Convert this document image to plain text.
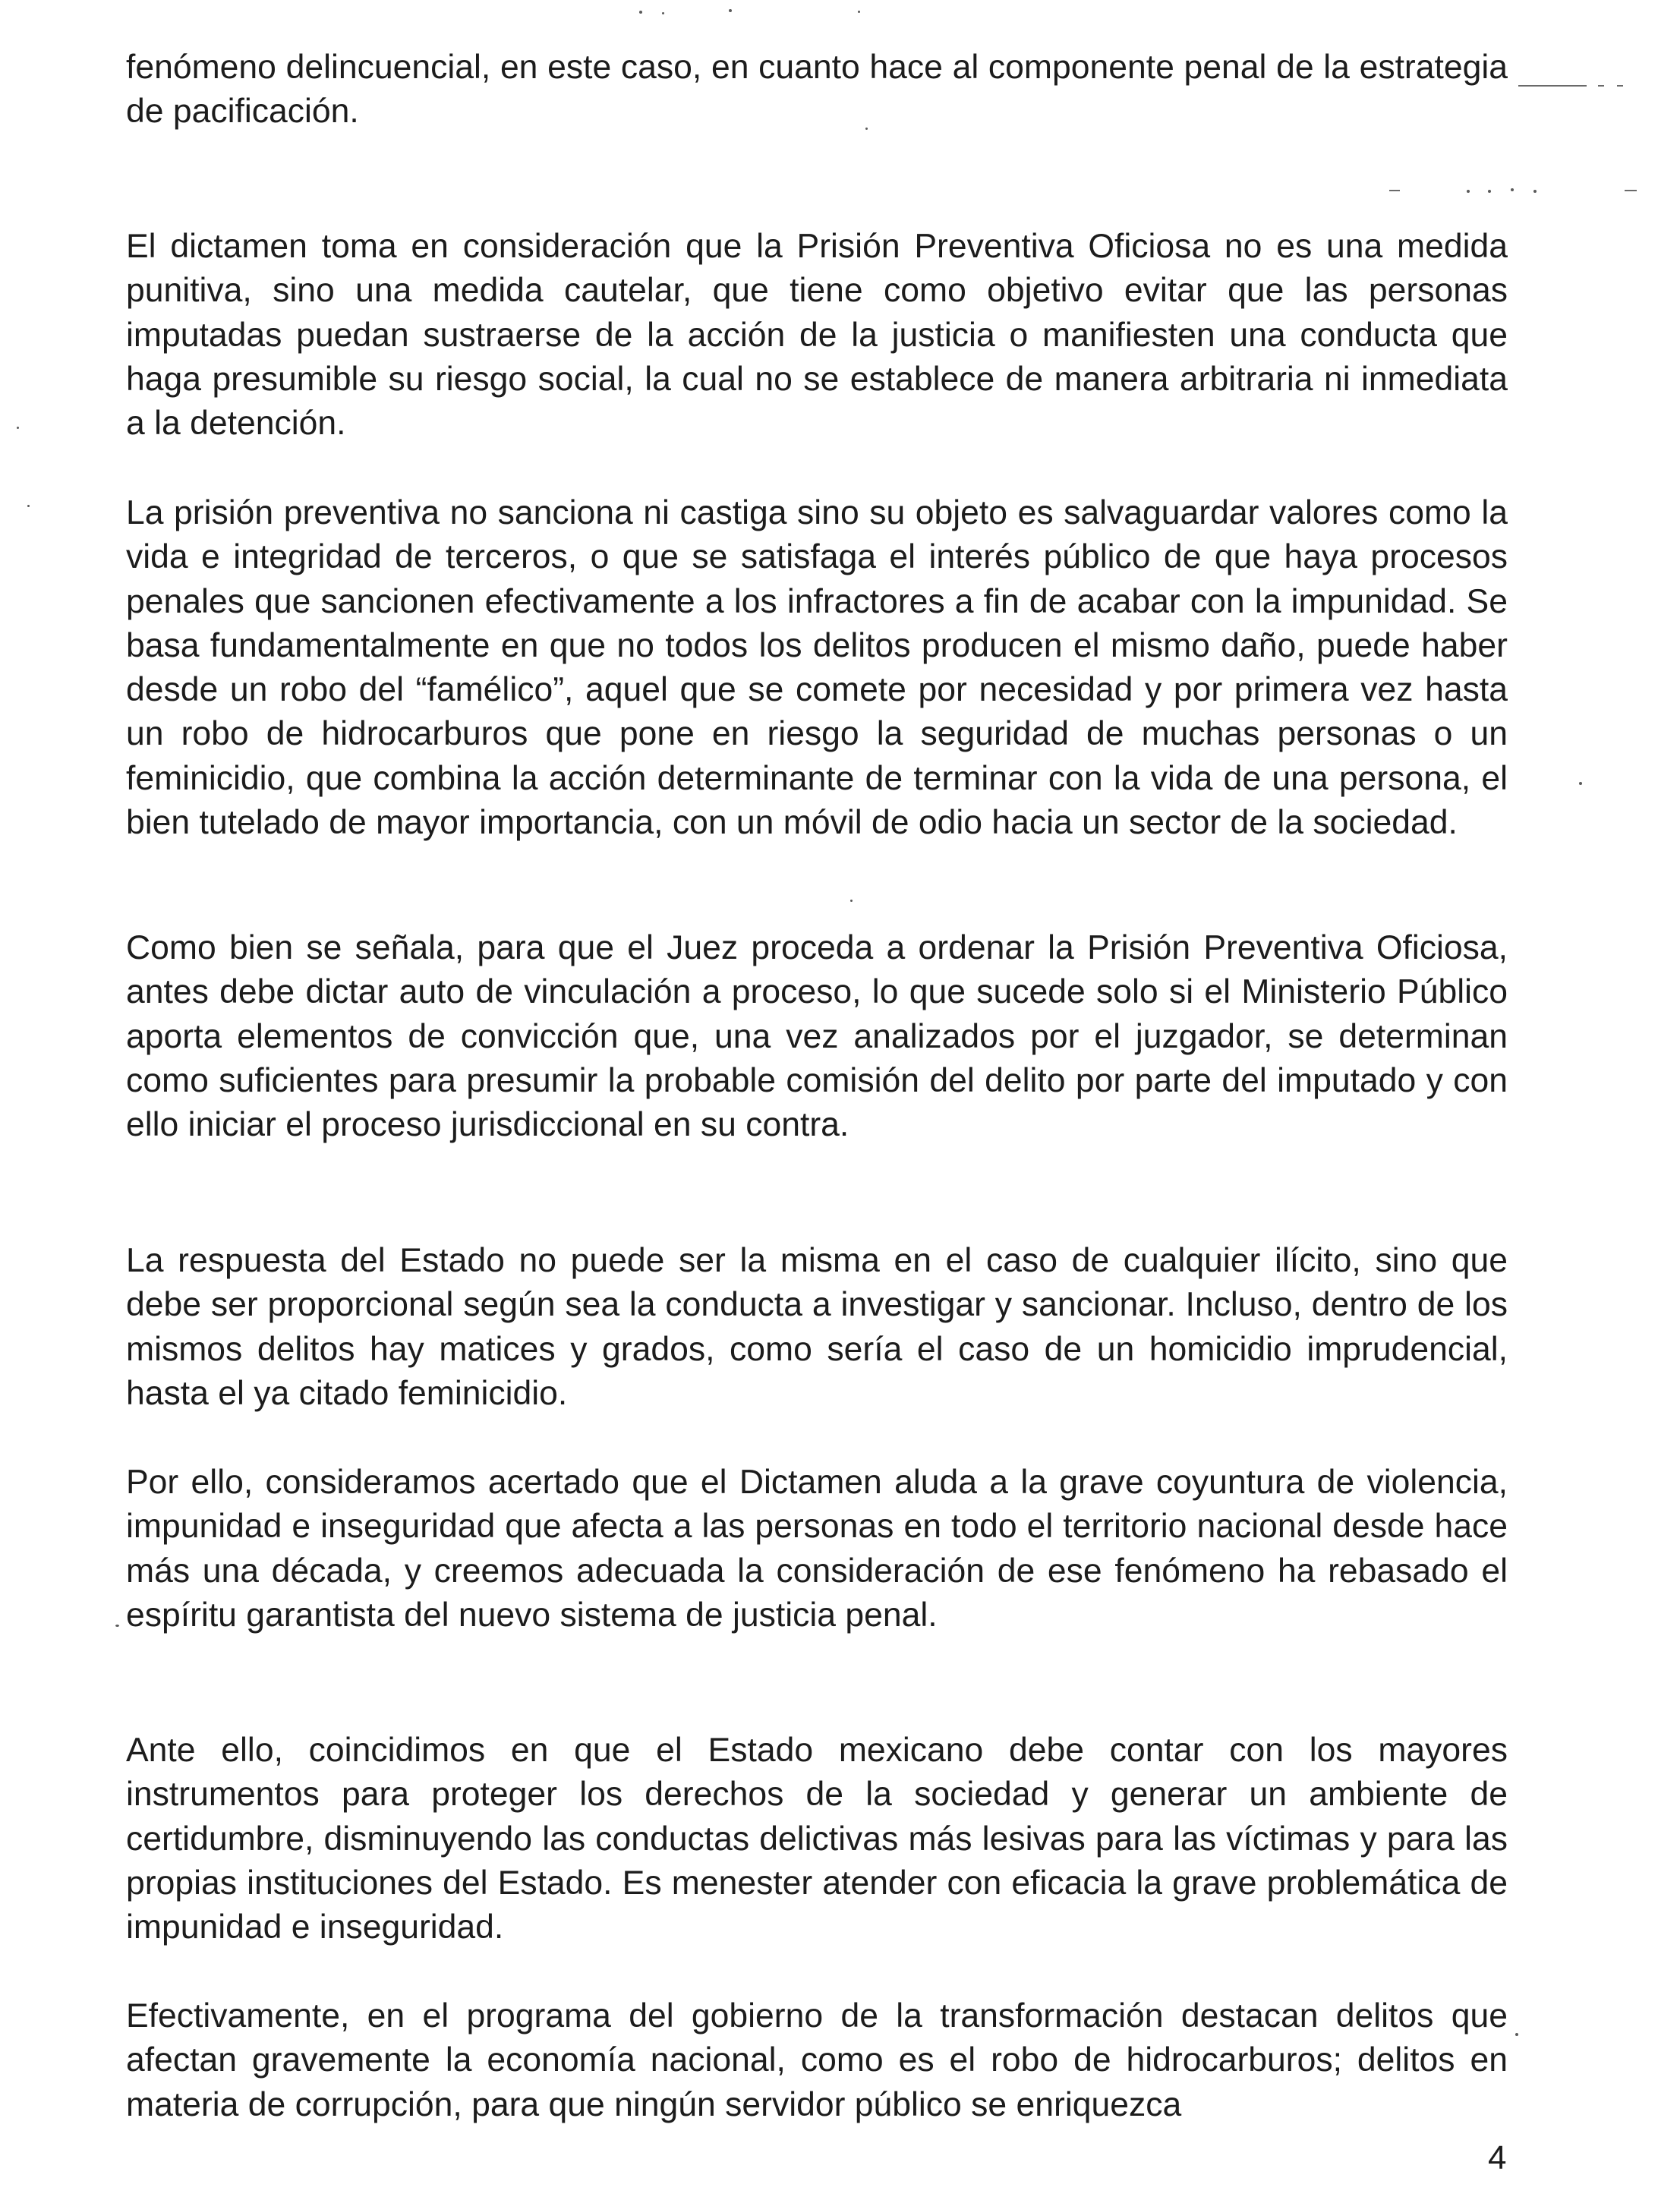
fenómeno delincuencial, en este caso, en cuanto hace al componente penal de la estrategia de pacificación.

El dictamen toma en consideración que la Prisión Preventiva Oficiosa no es una medida punitiva, sino una medida cautelar, que tiene como objetivo evitar que las personas imputadas puedan sustraerse de la acción de la justicia o manifiesten una conducta que haga presumible su riesgo social, la cual no se establece de manera arbitraria ni inmediata a la detención.

La prisión preventiva no sanciona ni castiga sino su objeto es salvaguardar valores como la vida e integridad de terceros, o que se satisfaga el interés público de que haya procesos penales que sancionen efectivamente a los infractores a fin de acabar con la impunidad. Se basa fundamentalmente en que no todos los delitos producen el mismo daño, puede haber desde un robo del “famélico”, aquel que se comete por necesidad y por primera vez hasta un robo de hidrocarburos que pone en riesgo la seguridad de muchas personas o un feminicidio, que combina la acción determinante de terminar con la vida de una persona, el bien tutelado de mayor importancia, con un móvil de odio hacia un sector de la sociedad.

Como bien se señala, para que el Juez proceda a ordenar la Prisión Preventiva Oficiosa, antes debe dictar auto de vinculación a proceso, lo que sucede solo si el Ministerio Público aporta elementos de convicción que, una vez analizados por el juzgador, se determinan como suficientes para presumir la probable comisión del delito por parte del imputado y con ello iniciar el proceso jurisdiccional en su contra.

La respuesta del Estado no puede ser la misma en el caso de cualquier ilícito, sino que debe ser proporcional según sea la conducta a investigar y sancionar. Incluso, dentro de los mismos delitos hay matices y grados, como sería el caso de un homicidio imprudencial, hasta el ya citado feminicidio.

Por ello, consideramos acertado que el Dictamen aluda a la grave coyuntura de violencia, impunidad e inseguridad que afecta a las personas en todo el territorio nacional desde hace más una década, y creemos adecuada la consideración de ese fenómeno ha rebasado el espíritu garantista del nuevo sistema de justicia penal.

Ante ello, coincidimos en que el Estado mexicano debe contar con los mayores instrumentos para proteger los derechos de la sociedad y generar un ambiente de certidumbre, disminuyendo las conductas delictivas más lesivas para las víctimas y para las propias instituciones del Estado. Es menester atender con eficacia la grave problemática de impunidad e inseguridad.

Efectivamente, en el programa del gobierno de la transformación destacan delitos que afectan gravemente la economía nacional, como es el robo de hidrocarburos; delitos en materia de corrupción, para que ningún servidor público se enriquezca

4
